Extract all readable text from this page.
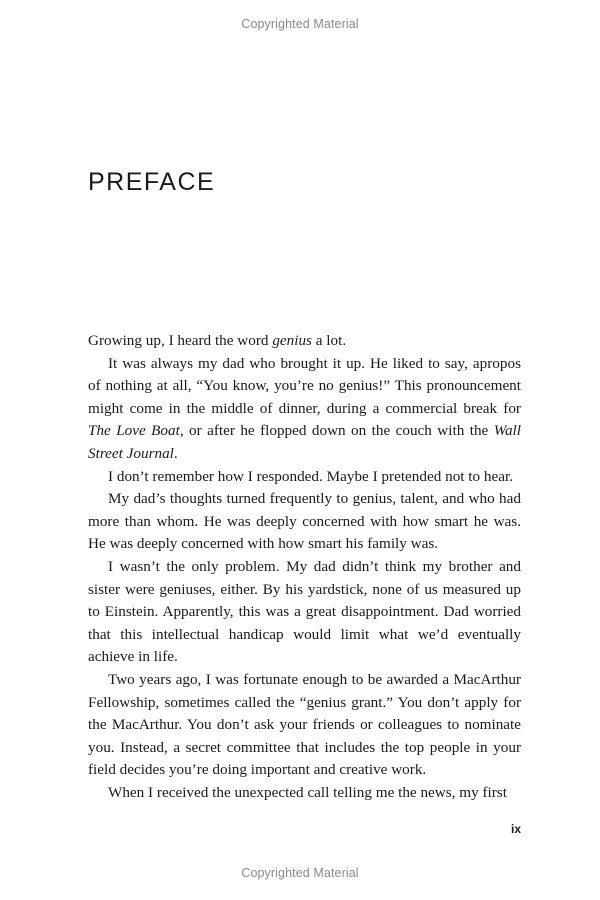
Copyrighted Material
PREFACE

Growing up, I heard the word genius a lot.

It was always my dad who brought it up. He liked to say, apropos of nothing at all, “You know, you’re no genius!” This pronouncement might come in the middle of dinner, during a commercial break for The Love Boat, or after he flopped down on the couch with the Wall Street Journal.

I don’t remember how I responded. Maybe I pretended not to hear.

My dad’s thoughts turned frequently to genius, talent, and who had more than whom. He was deeply concerned with how smart he was. He was deeply concerned with how smart his family was.

I wasn’t the only problem. My dad didn’t think my brother and sister were geniuses, either. By his yardstick, none of us measured up to Einstein. Apparently, this was a great disappointment. Dad worried that this intellectual handicap would limit what we’d eventually achieve in life.

Two years ago, I was fortunate enough to be awarded a MacArthur Fellowship, sometimes called the “genius grant.” You don’t apply for the MacArthur. You don’t ask your friends or colleagues to nominate you. Instead, a secret committee that includes the top people in your field decides you’re doing important and creative work.

When I received the unexpected call telling me the news, my first

ix
Copyrighted Material
